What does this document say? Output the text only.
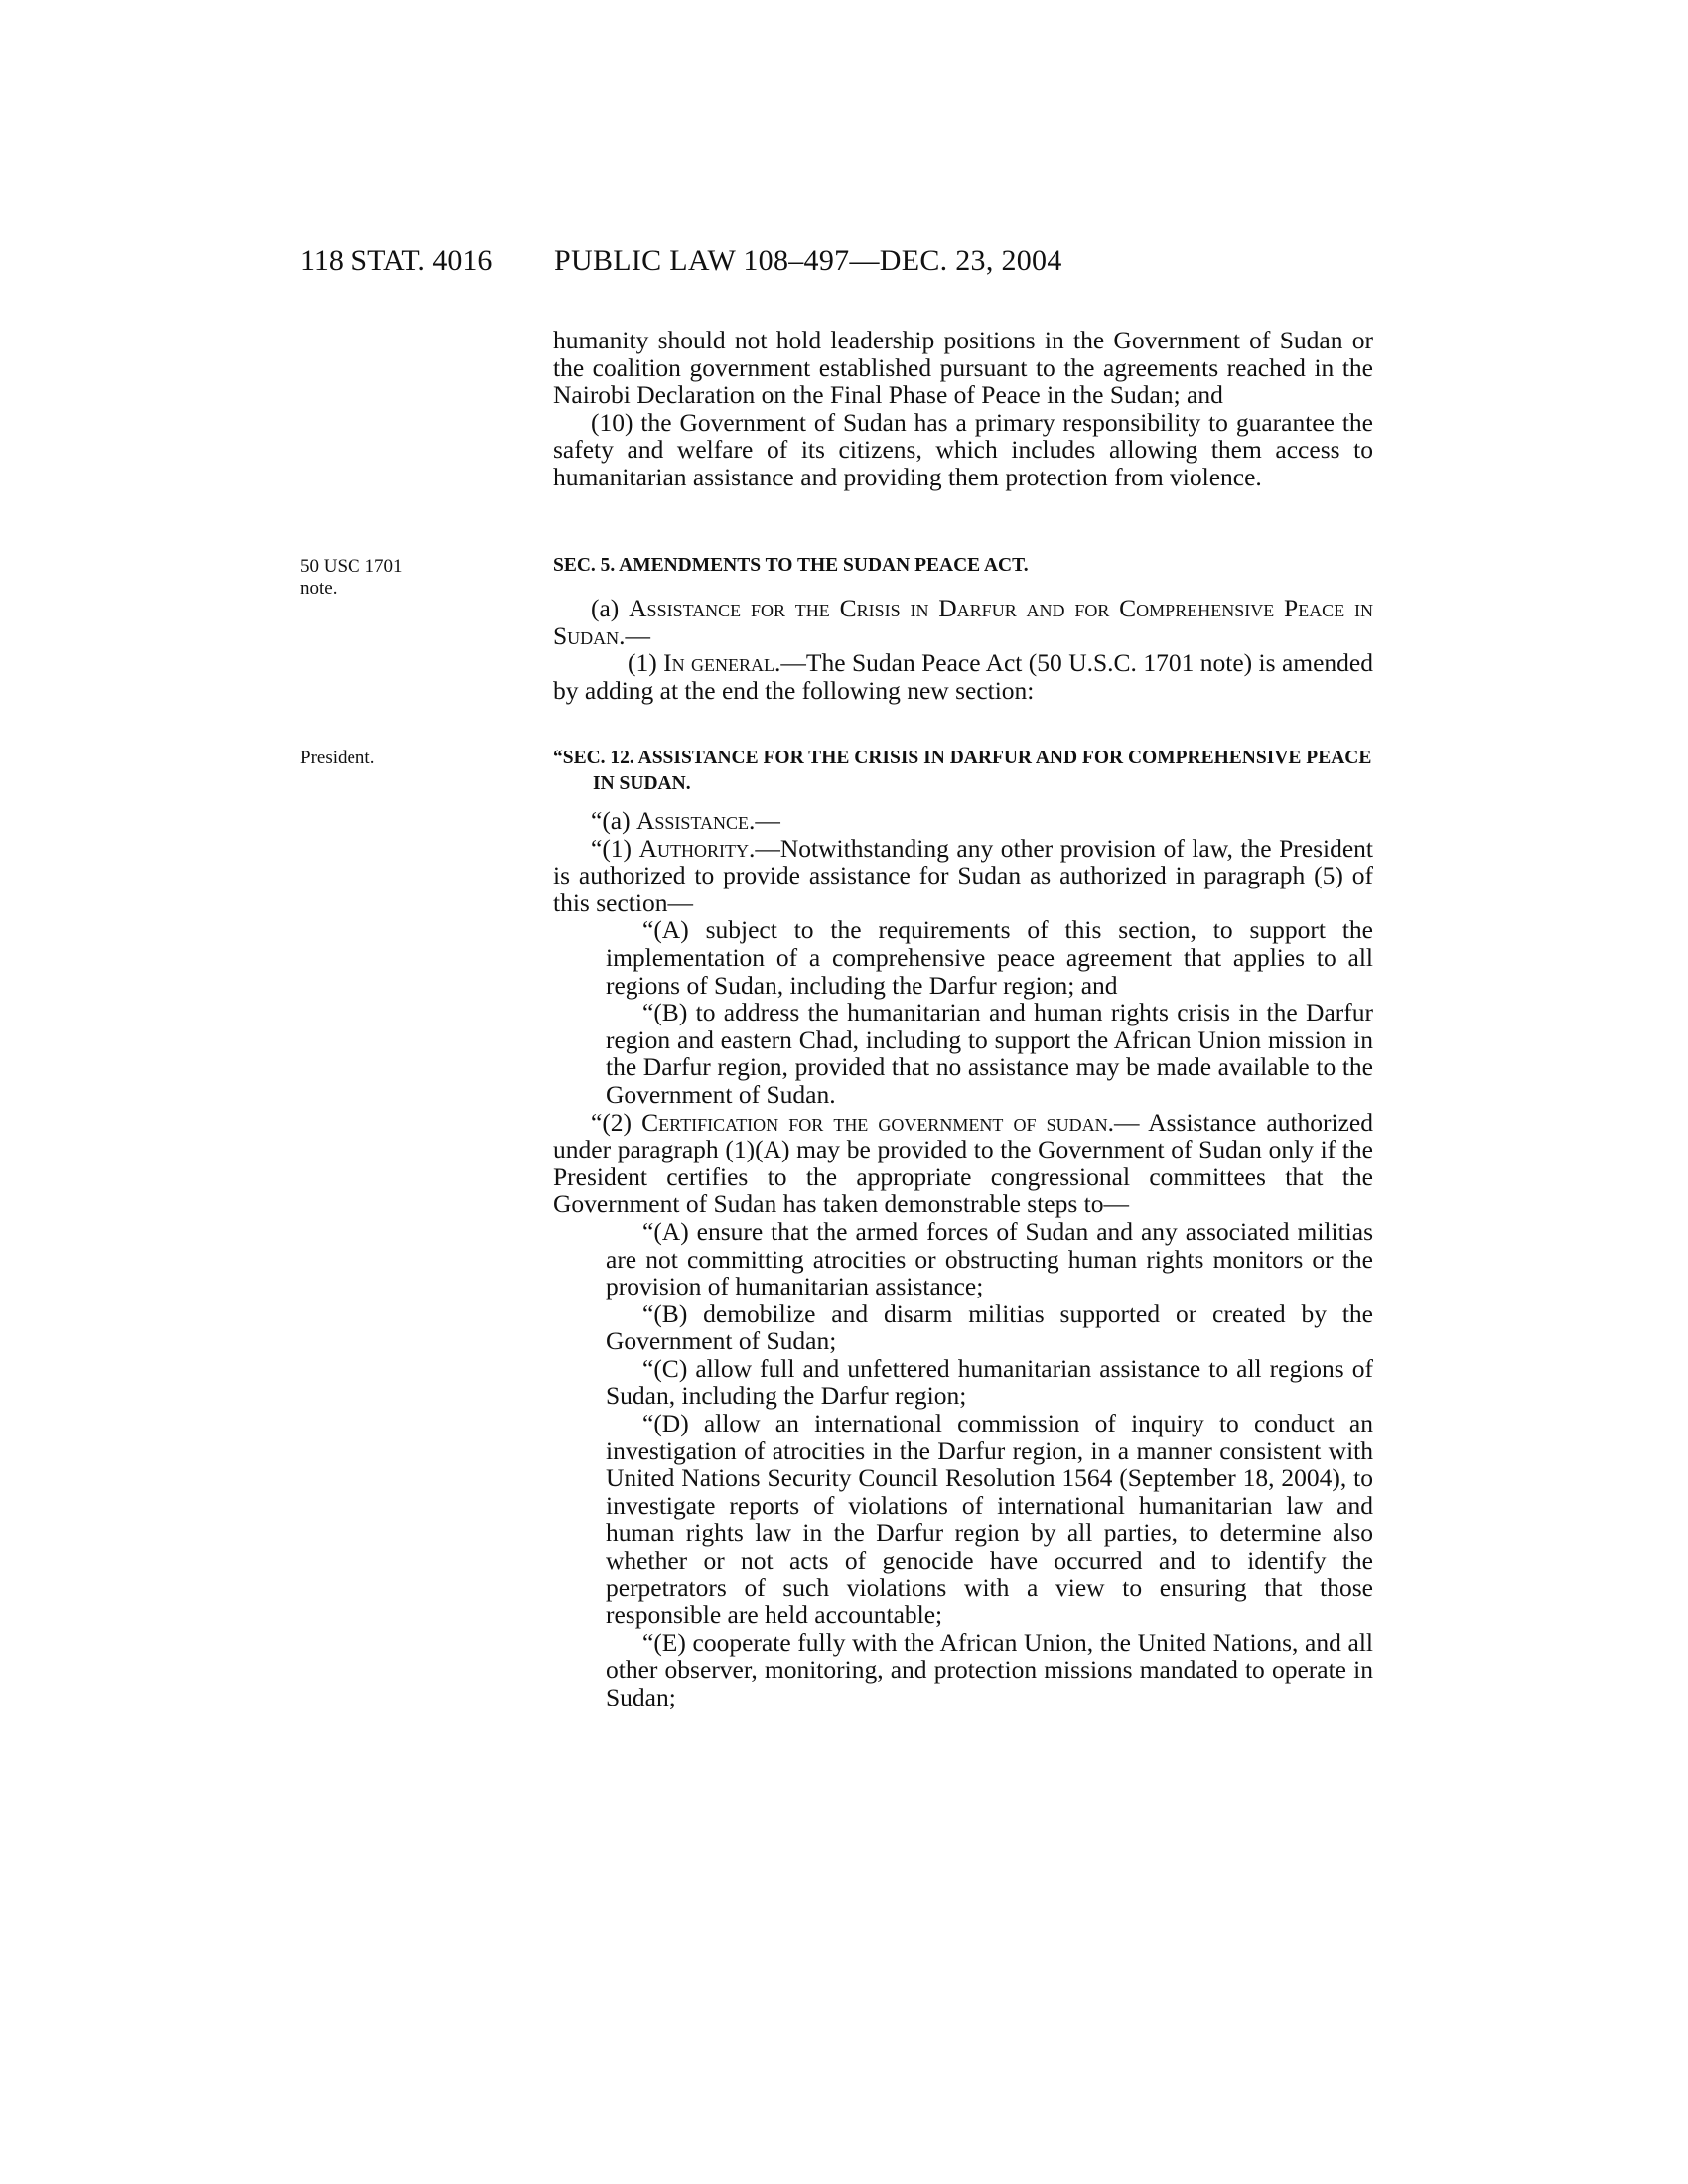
118 STAT. 4016 PUBLIC LAW 108–497—DEC. 23, 2004

humanity should not hold leadership positions in the Government of Sudan or the coalition government established pursuant to the agreements reached in the Nairobi Declaration on the Final Phase of Peace in the Sudan; and

(10) the Government of Sudan has a primary responsibility to guarantee the safety and welfare of its citizens, which includes allowing them access to humanitarian assistance and providing them protection from violence.

50 USC 1701
note.

SEC. 5. AMENDMENTS TO THE SUDAN PEACE ACT.

(a) Assistance for the Crisis in Darfur and for Comprehensive Peace in Sudan.—

(1) In general.—The Sudan Peace Act (50 U.S.C. 1701 note) is amended by adding at the end the following new section:

President.	“SEC. 12. ASSISTANCE FOR THE CRISIS IN DARFUR AND FOR COMPREHENSIVE PEACE IN SUDAN.

“(a) Assistance.—

“(1) Authority.—Notwithstanding any other provision of law, the President is authorized to provide assistance for Sudan as authorized in paragraph (5) of this section—

“(A) subject to the requirements of this section, to support the implementation of a comprehensive peace agreement that applies to all regions of Sudan, including the Darfur region; and

“(B) to address the humanitarian and human rights crisis in the Darfur region and eastern Chad, including to support the African Union mission in the Darfur region, provided that no assistance may be made available to the Government of Sudan.

“(2) Certification for the government of sudan.— Assistance authorized under paragraph (1)(A) may be provided to the Government of Sudan only if the President certifies to the appropriate congressional committees that the Government of Sudan has taken demonstrable steps to—

“(A) ensure that the armed forces of Sudan and any associated militias are not committing atrocities or obstructing human rights monitors or the provision of humanitarian assistance;

“(B) demobilize and disarm militias supported or created by the Government of Sudan;

“(C) allow full and unfettered humanitarian assistance to all regions of Sudan, including the Darfur region;

“(D) allow an international commission of inquiry to conduct an investigation of atrocities in the Darfur region, in a manner consistent with United Nations Security Council Resolution 1564 (September 18, 2004), to investigate reports of violations of international humanitarian law and human rights law in the Darfur region by all parties, to determine also whether or not acts of genocide have occurred and to identify the perpetrators of such violations with a view to ensuring that those responsible are held accountable;

“(E) cooperate fully with the African Union, the United Nations, and all other observer, monitoring, and protection missions mandated to operate in Sudan;
